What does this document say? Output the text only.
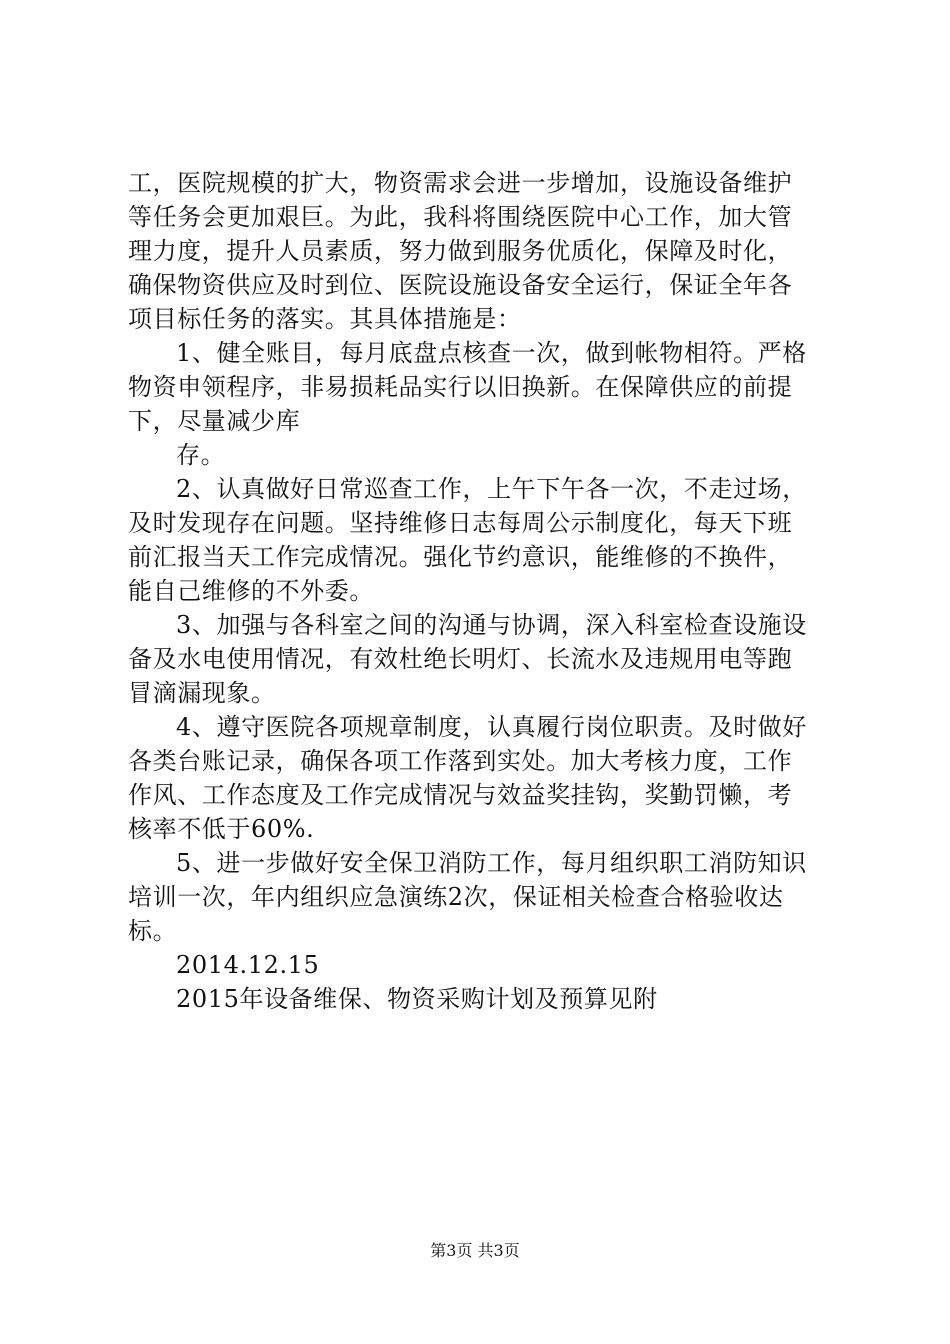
工，医院规模的扩大，物资需求会进一步增加，设施设备维护
等任务会更加艰巨。为此，我科将围绕医院中心工作，加大管
理力度，提升人员素质，努力做到服务优质化，保障及时化，
确保物资供应及时到位、医院设施设备安全运行，保证全年各
项目标任务的落实。其具体措施是：
1、健全账目，每月底盘点核查一次，做到帐物相符。严格
物资申领程序，非易损耗品实行以旧换新。在保障供应的前提
下，尽量减少库
存。
2、认真做好日常巡查工作，上午下午各一次，不走过场，
及时发现存在问题。坚持维修日志每周公示制度化，每天下班
前汇报当天工作完成情况。强化节约意识，能维修的不换件，
能自己维修的不外委。
3、加强与各科室之间的沟通与协调，深入科室检查设施设
备及水电使用情况，有效杜绝长明灯、长流水及违规用电等跑
冒滴漏现象。
4、遵守医院各项规章制度，认真履行岗位职责。及时做好
各类台账记录，确保各项工作落到实处。加大考核力度，工作
作风、工作态度及工作完成情况与效益奖挂钩，奖勤罚懒，考
核率不低于60%.
5、进一步做好安全保卫消防工作，每月组织职工消防知识
培训一次，年内组织应急演练2次，保证相关检查合格验收达
标。
2014.12.15
2015年设备维保、物资采购计划及预算见附
第3页 共3页
